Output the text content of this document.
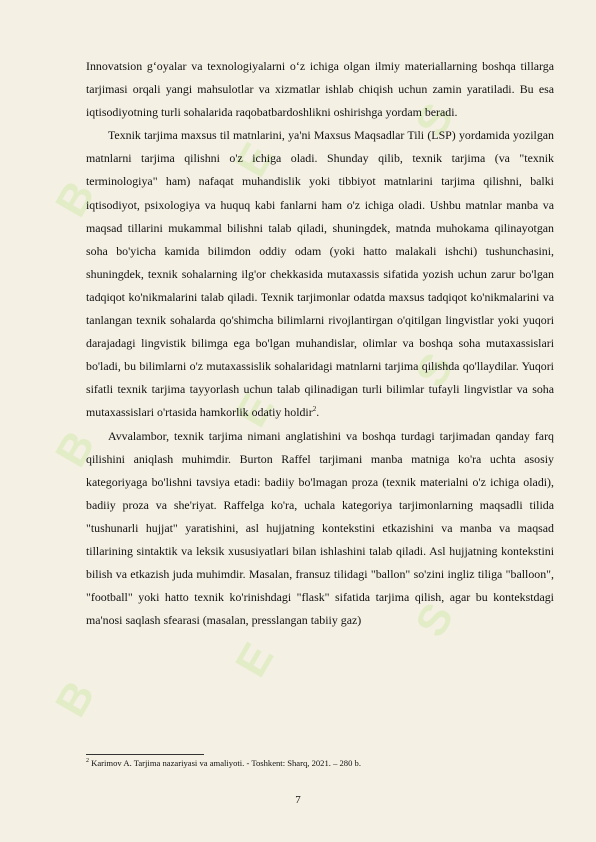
B
B
B
E
E
E
S
S
S

Innovatsion g‘oyalar va texnologiyalarni o‘z ichiga olgan ilmiy materiallarning boshqa tillarga tarjimasi orqali yangi mahsulotlar va xizmatlar ishlab chiqish uchun zamin yaratiladi. Bu esa iqtisodiyotning turli sohalarida raqobatbardoshlikni oshirishga yordam beradi.

Texnik tarjima maxsus til matnlarini, ya'ni Maxsus Maqsadlar Tili (LSP) yordamida yozilgan matnlarni tarjima qilishni o'z ichiga oladi. Shunday qilib, texnik tarjima (va "texnik terminologiya" ham) nafaqat muhandislik yoki tibbiyot matnlarini tarjima qilishni, balki iqtisodiyot, psixologiya va huquq kabi fanlarni ham o'z ichiga oladi. Ushbu matnlar manba va maqsad tillarini mukammal bilishni talab qiladi, shuningdek, matnda muhokama qilinayotgan soha bo'yicha kamida bilimdon oddiy odam (yoki hatto malakali ishchi) tushunchasini, shuningdek, texnik sohalarning ilg'or chekkasida mutaxassis sifatida yozish uchun zarur bo'lgan tadqiqot ko'nikmalarini talab qiladi. Texnik tarjimonlar odatda maxsus tadqiqot ko'nikmalarini va tanlangan texnik sohalarda qo'shimcha bilimlarni rivojlantirgan o'qitilgan lingvistlar yoki yuqori darajadagi lingvistik bilimga ega bo'lgan muhandislar, olimlar va boshqa soha mutaxassislari bo'ladi, bu bilimlarni o'z mutaxassislik sohalaridagi matnlarni tarjima qilishda qo'llaydilar. Yuqori sifatli texnik tarjima tayyorlash uchun talab qilinadigan turli bilimlar tufayli lingvistlar va soha mutaxassislari o'rtasida hamkorlik odatiy holdir$^2$.

Avvalambor, texnik tarjima nimani anglatishini va boshqa turdagi tarjimadan qanday farq qilishini aniqlash muhimdir. Burton Raffel tarjimani manba matniga ko'ra uchta asosiy kategoriyaga bo'lishni tavsiya etadi: badiiy bo'lmagan proza (texnik materialni o'z ichiga oladi), badiiy proza va she'riyat. Raffelga ko'ra, uchala kategoriya tarjimonlarning maqsadli tilida "tushunarli hujjat" yaratishini, asl hujjatning kontekstini etkazishini va manba va maqsad tillarining sintaktik va leksik xususiyatlari bilan ishlashini talab qiladi. Asl hujjatning kontekstini bilish va etkazish juda muhimdir. Masalan, fransuz tilidagi "ballon" so'zini ingliz tiliga "balloon", "football" yoki hatto texnik ko'rinishdagi "flask" sifatida tarjima qilish, agar bu kontekstdagi ma'nosi saqlash sfearasi (masalan, presslangan tabiiy gaz)

$^2$ Karimov A. Tarjima nazariyasi va amaliyoti. - Toshkent: Sharq, 2021. – 280 b.
7
